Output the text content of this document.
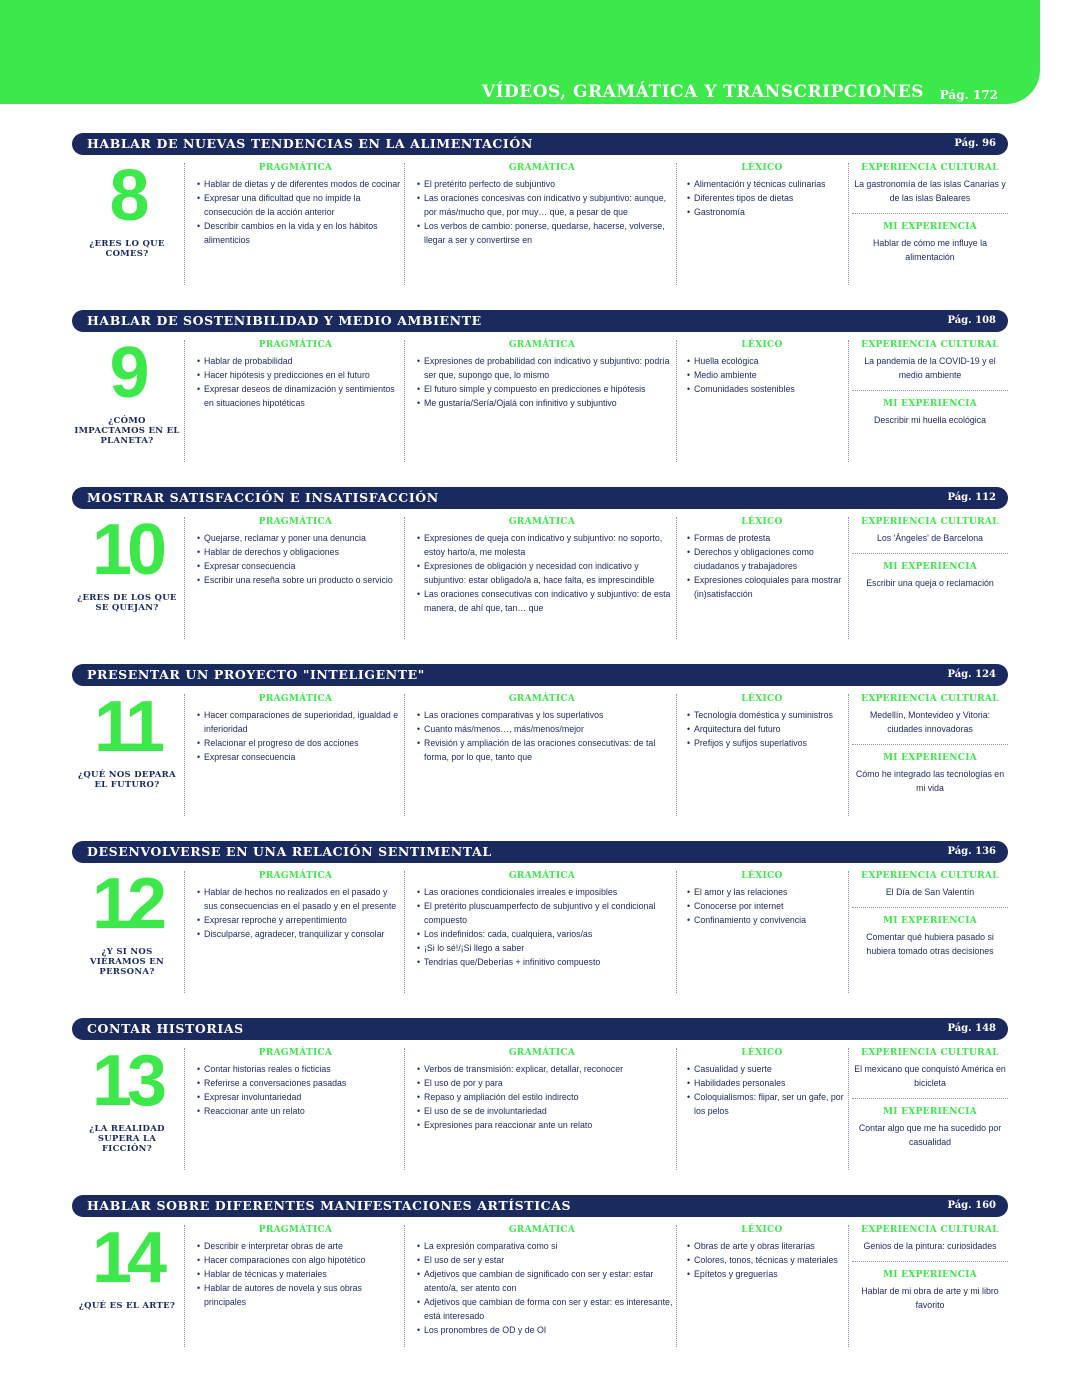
VÍDEOS, GRAMÁTICA Y TRANSCRIPCIONES Pág. 172
HABLAR DE NUEVAS TENDENCIAS EN LA ALIMENTACIÓN	Pág. 96
8
¿ERES LO QUE COMES?
PRAGMÁTICA
• Hablar de dietas y de diferentes modos de cocinar
• Expresar una dificultad que no impide la consecución de la acción anterior
• Describir cambios en la vida y en los hábitos alimenticios
GRAMÁTICA
• El pretérito perfecto de subjuntivo
• Las oraciones concesivas con indicativo y subjuntivo: aunque, por más/mucho que, por muy… que, a pesar de que
• Los verbos de cambio: ponerse, quedarse, hacerse, volverse, llegar a ser y convertirse en
LÉXICO
• Alimentación y técnicas culinarias
• Diferentes tipos de dietas
• Gastronomía
EXPERIENCIA CULTURAL
La gastronomía de las islas Canarias y de las islas Baleares
MI EXPERIENCIA
Hablar de cómo me influye la alimentación
HABLAR DE SOSTENIBILIDAD Y MEDIO AMBIENTE	Pág. 108
9
¿CÓMO IMPACTAMOS EN EL PLANETA?
PRAGMÁTICA
• Hablar de probabilidad
• Hacer hipótesis y predicciones en el futuro
• Expresar deseos de dinamización y sentimientos en situaciones hipotéticas
GRAMÁTICA
• Expresiones de probabilidad con indicativo y subjuntivo: podría ser que, supongo que, lo mismo
• El futuro simple y compuesto en predicciones e hipótesis
• Me gustaría/Sería/Ojalá con infinitivo y subjuntivo
LÉXICO
• Huella ecológica
• Medio ambiente
• Comunidades sostenibles
EXPERIENCIA CULTURAL
La pandemia de la COVID-19 y el medio ambiente
MI EXPERIENCIA
Describir mi huella ecológica
MOSTRAR SATISFACCIÓN E INSATISFACCIÓN	Pág. 112
10
¿ERES DE LOS QUE SE QUEJAN?
PRAGMÁTICA
• Quejarse, reclamar y poner una denuncia
• Hablar de derechos y obligaciones
• Expresar consecuencia
• Escribir una reseña sobre un producto o servicio
GRAMÁTICA
• Expresiones de queja con indicativo y subjuntivo: no soporto, estoy harto/a, me molesta
• Expresiones de obligación y necesidad con indicativo y subjuntivo: estar obligado/a a, hace falta, es imprescindible
• Las oraciones consecutivas con indicativo y subjuntivo: de esta manera, de ahí que, tan… que
LÉXICO
• Formas de protesta
• Derechos y obligaciones como ciudadanos y trabajadores
• Expresiones coloquiales para mostrar (in)satisfacción
EXPERIENCIA CULTURAL
Los 'Ángeles' de Barcelona
MI EXPERIENCIA
Escribir una queja o reclamación
PRESENTAR UN PROYECTO "INTELIGENTE"	Pág. 124
11
¿QUÉ NOS DEPARA EL FUTURO?
PRAGMÁTICA
• Hacer comparaciones de superioridad, igualdad e inferioridad
• Relacionar el progreso de dos acciones
• Expresar consecuencia
GRAMÁTICA
• Las oraciones comparativas y los superlativos
• Cuanto más/menos…, más/menos/mejor
• Revisión y ampliación de las oraciones consecutivas: de tal forma, por lo que, tanto que
LÉXICO
• Tecnología doméstica y suministros
• Arquitectura del futuro
• Prefijos y sufijos superlativos
EXPERIENCIA CULTURAL
Medellín, Montevideo y Vitoria: ciudades innovadoras
MI EXPERIENCIA
Cómo he integrado las tecnologías en mi vida
DESENVOLVERSE EN UNA RELACIÓN SENTIMENTAL	Pág. 136
12
¿Y SI NOS VIÉRAMOS EN PERSONA?
PRAGMÁTICA
• Hablar de hechos no realizados en el pasado y sus consecuencias en el pasado y en el presente
• Expresar reproche y arrepentimiento
• Disculparse, agradecer, tranquilizar y consolar
GRAMÁTICA
• Las oraciones condicionales irreales e imposibles
• El pretérito pluscuamperfecto de subjuntivo y el condicional compuesto
• Los indefinidos: cada, cualquiera, varios/as
• ¡Si lo sé!/¡Si llego a saber
• Tendrías que/Deberías + infinitivo compuesto
LÉXICO
• El amor y las relaciones
• Conocerse por internet
• Confinamiento y convivencia
EXPERIENCIA CULTURAL
El Día de San Valentín
MI EXPERIENCIA
Comentar qué hubiera pasado si hubiera tomado otras decisiones
CONTAR HISTORIAS	Pág. 148
13
¿LA REALIDAD SUPERA LA FICCIÓN?
PRAGMÁTICA
• Contar historias reales o ficticias
• Referirse a conversaciones pasadas
• Expresar involuntariedad
• Reaccionar ante un relato
GRAMÁTICA
• Verbos de transmisión: explicar, detallar, reconocer
• El uso de por y para
• Repaso y ampliación del estilo indirecto
• El uso de se de involuntariedad
• Expresiones para reaccionar ante un relato
LÉXICO
• Casualidad y suerte
• Habilidades personales
• Coloquialismos: flipar, ser un gafe, por los pelos
EXPERIENCIA CULTURAL
El mexicano que conquistó América en bicicleta
MI EXPERIENCIA
Contar algo que me ha sucedido por casualidad
HABLAR SOBRE DIFERENTES MANIFESTACIONES ARTÍSTICAS	Pág. 160
14
¿QUÉ ES EL ARTE?
PRAGMÁTICA
• Describir e interpretar obras de arte
• Hacer comparaciones con algo hipotético
• Hablar de técnicas y materiales
• Hablar de autores de novela y sus obras principales
GRAMÁTICA
• La expresión comparativa como si
• El uso de ser y estar
• Adjetivos que cambian de significado con ser y estar: estar atento/a, ser atento con
• Adjetivos que cambian de forma con ser y estar: es interesante, está interesado
• Los pronombres de OD y de OI
LÉXICO
• Obras de arte y obras literarias
• Colores, tonos, técnicas y materiales
• Epítetos y greguerías
EXPERIENCIA CULTURAL
Genios de la pintura: curiosidades
MI EXPERIENCIA
Hablar de mi obra de arte y mi libro favorito
